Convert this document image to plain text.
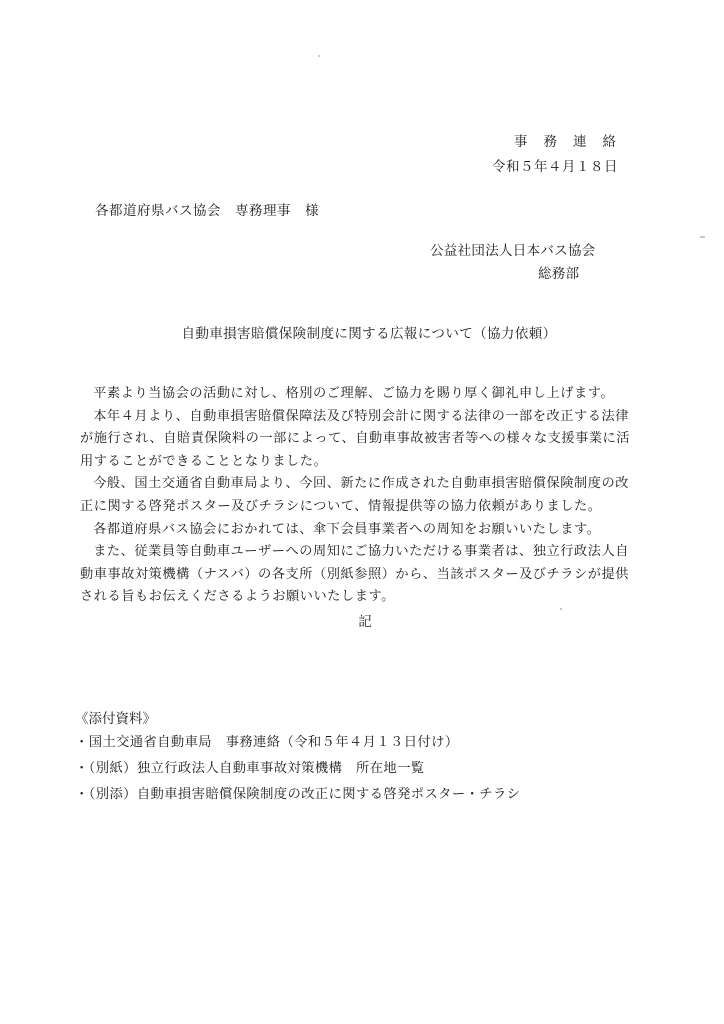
事務連絡
令和５年４月１８日
各都道府県バス協会　専務理事　様
公益社団法人日本バス協会
総務部
自動車損害賠償保険制度に関する広報について（協力依頼）

平素より当協会の活動に対し、格別のご理解、ご協力を賜り厚く御礼申し上げます。

本年４月より、自動車損害賠償保障法及び特別会計に関する法律の一部を改正する法律が施行され、自賠責保険料の一部によって、自動車事故被害者等への様々な支援事業に活用することができることとなりました。

今般、国土交通省自動車局より、今回、新たに作成された自動車損害賠償保険制度の改正に関する啓発ポスター及びチラシについて、情報提供等の協力依頼がありました。

各都道府県バス協会におかれては、傘下会員事業者への周知をお願いいたします。

また、従業員等自動車ユーザーへの周知にご協力いただける事業者は、独立行政法人自動車事故対策機構（ナスバ）の各支所（別紙参照）から、当該ポスター及びチラシが提供される旨もお伝えくださるようお願いいたします。

記
《添付資料》
・国土交通省自動車局　事務連絡（令和５年４月１３日付け）
・（別紙）独立行政法人自動車事故対策機構　所在地一覧
・（別添）自動車損害賠償保険制度の改正に関する啓発ポスター・チラシ
